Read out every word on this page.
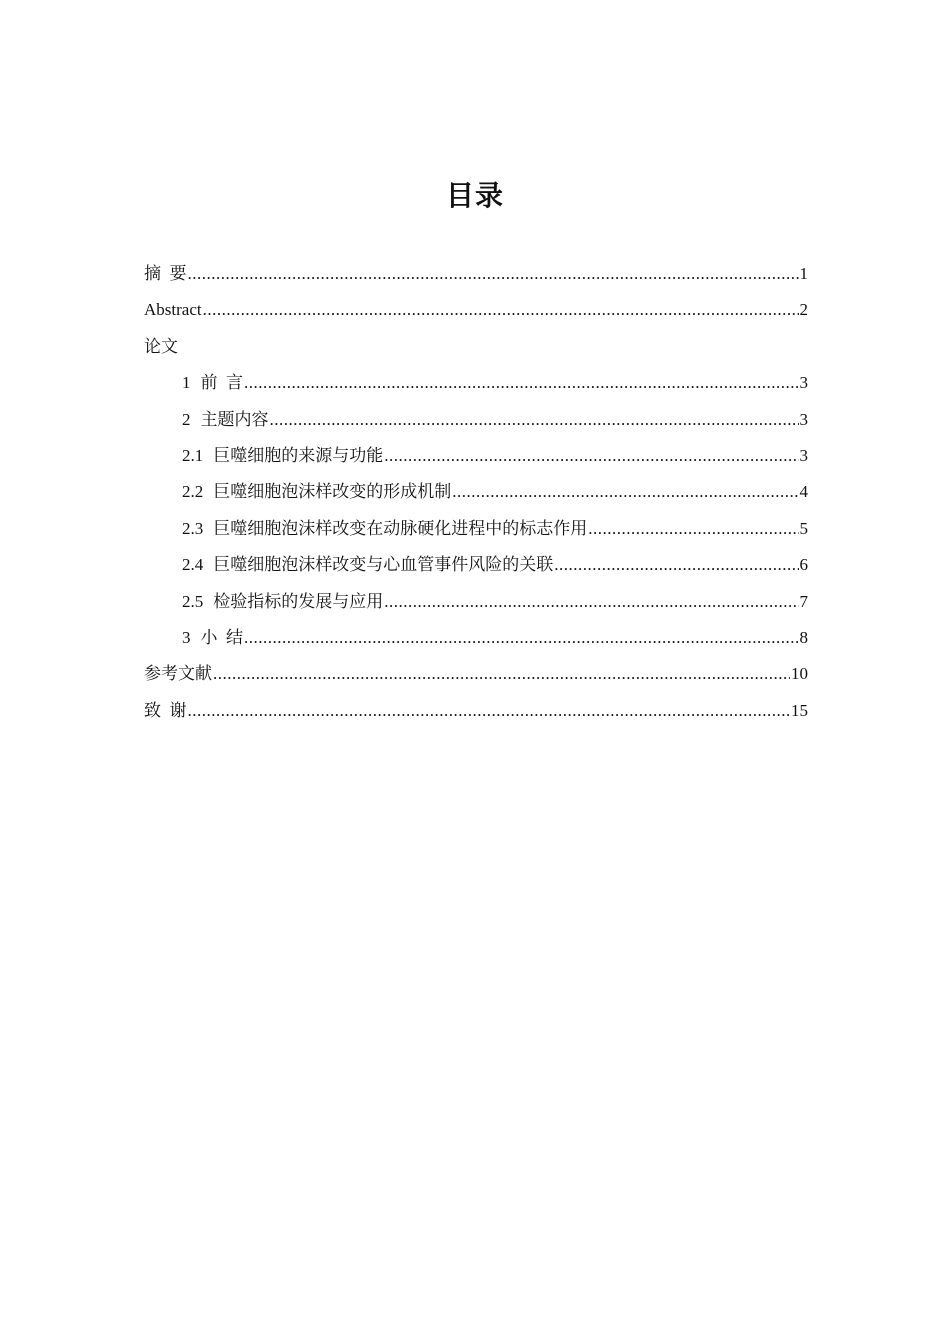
目录
摘  要 .....	1
Abstract .....	2
论文
1 前  言 .....	3
2 主题内容 .....	3
2.1 巨噬细胞的来源与功能 .....	3
2.2 巨噬细胞泡沫样改变的形成机制 .....	4
2.3 巨噬细胞泡沫样改变在动脉硬化进程中的标志作用 .....	5
2.4 巨噬细胞泡沫样改变与心血管事件风险的关联 .....	6
2.5 检验指标的发展与应用 .....	7
3 小  结 .....	8
参考文献 .....	10
致  谢 .....	15
